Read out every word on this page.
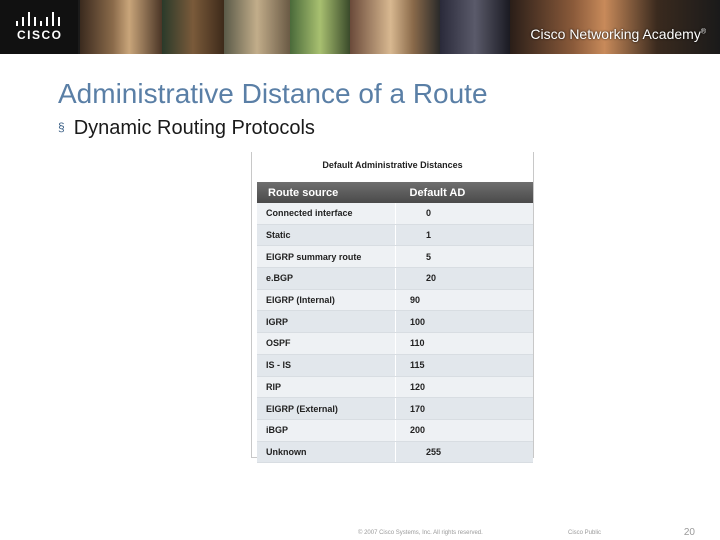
CISCO	Cisco Networking Academy®
Administrative Distance of a Route
§ Dynamic Routing Protocols
Default Administrative Distances
Route source	Default AD
Connected interface	0
Static	1
EIGRP summary route	5
e.BGP	20
EIGRP (Internal)	90
IGRP	100
OSPF	110
IS - IS	115
RIP	120
EIGRP (External)	170
iBGP	200
Unknown	255
© 2007 Cisco Systems, Inc. All rights reserved.	Cisco Public	20
